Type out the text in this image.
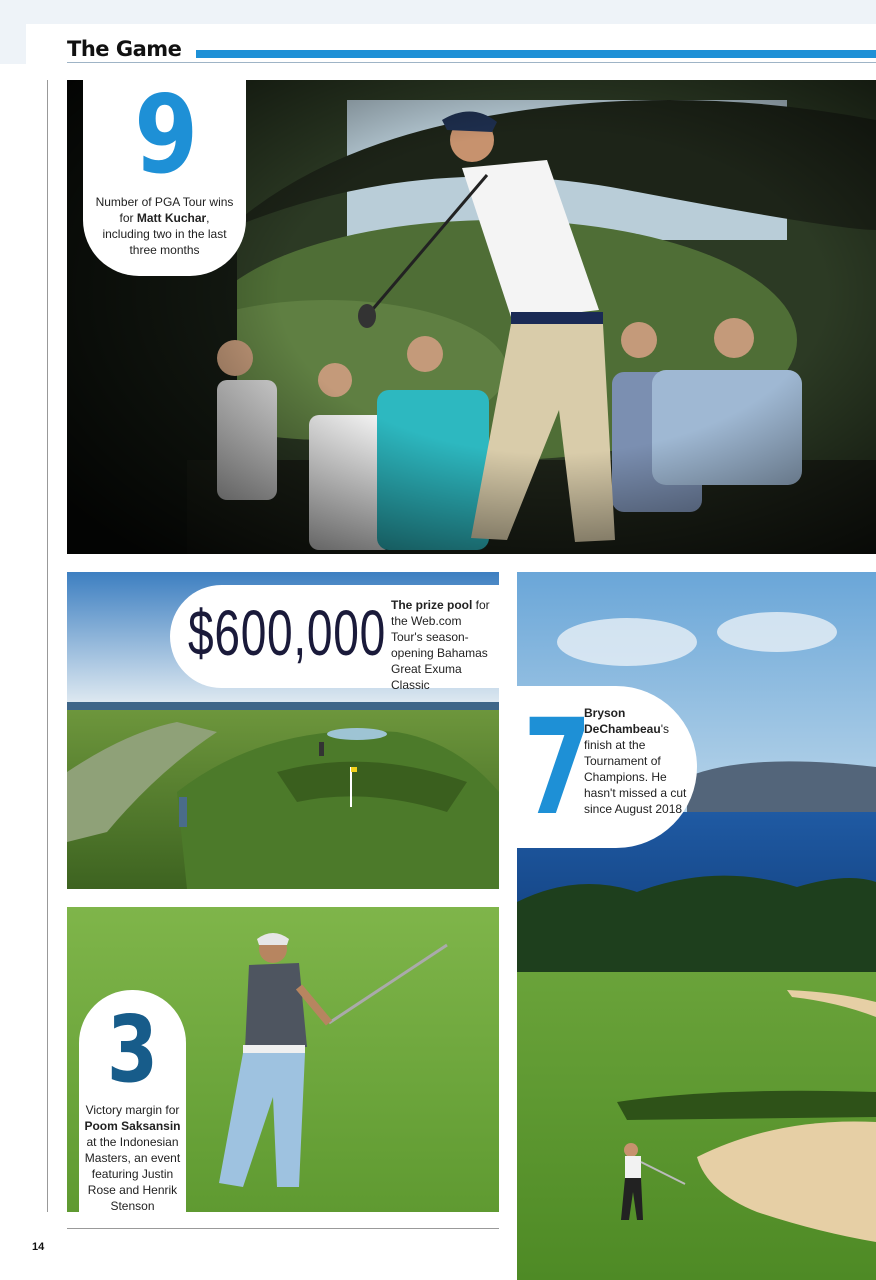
The Game
9
Number of PGA Tour wins for Matt Kuchar, including two in the last three months
$600,000 The prize pool for the Web.com Tour's season-opening Bahamas Great Exuma Classic
3
Victory margin for Poom Saksansin at the Indonesian Masters, an event featuring Justin Rose and Henrik Stenson
7
Bryson DeChambeau's finish at the Tournament of Champions. He hasn't missed a cut since August 2018
14
